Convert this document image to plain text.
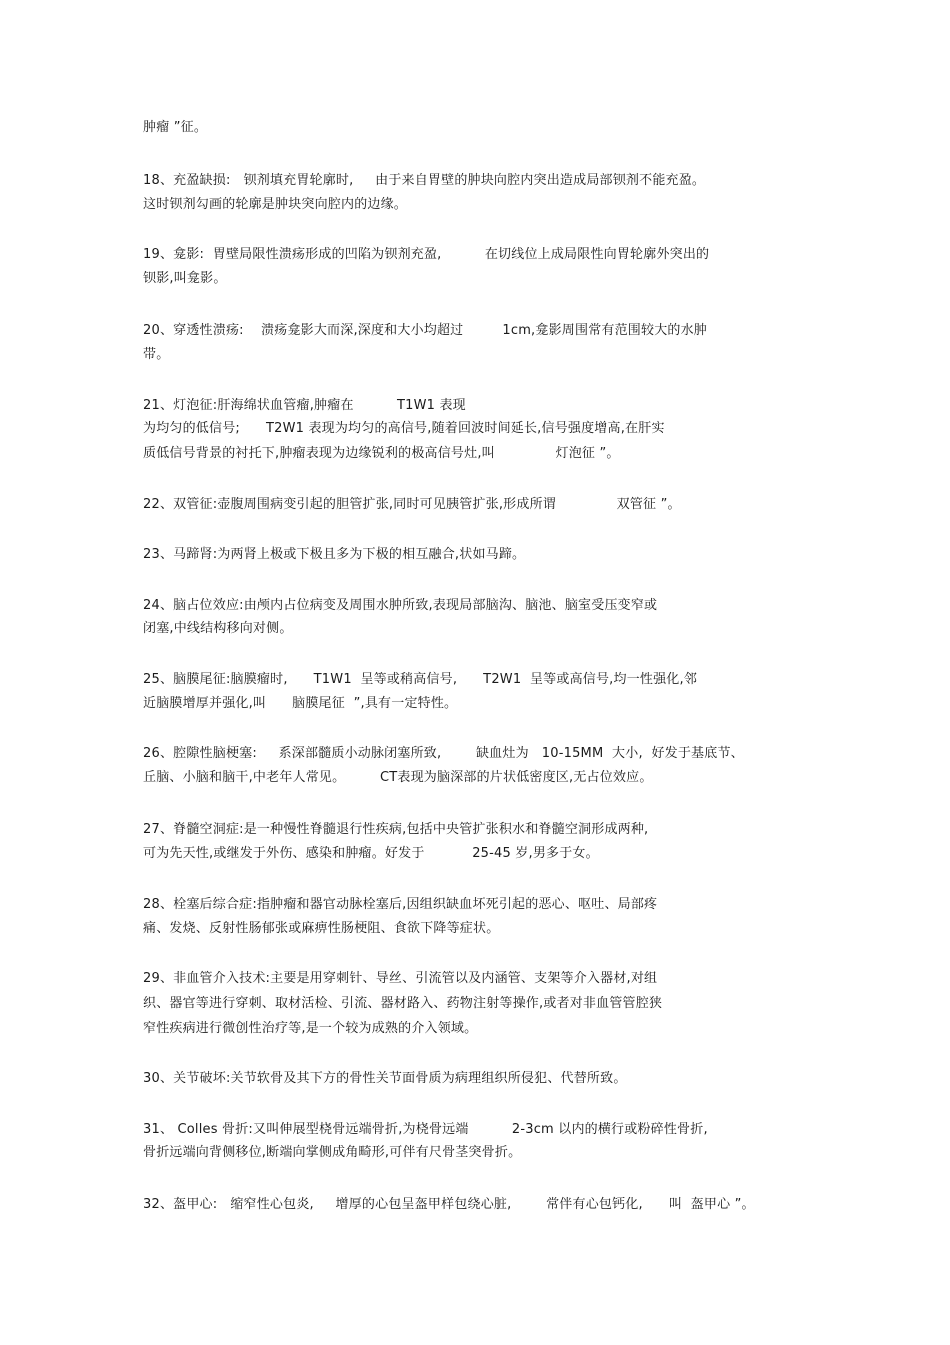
肿瘤 ”征。
18、充盈缺损:   钡剂填充胃轮廓时,     由于来自胃壁的肿块向腔内突出造成局部钡剂不能充盈。
这时钡剂勾画的轮廓是肿块突向腔内的边缘。
19、龛影:  胃壁局限性溃疡形成的凹陷为钡剂充盈,          在切线位上成局限性向胃轮廓外突出的
钡影,叫龛影。
20、穿透性溃疡:    溃疡龛影大而深,深度和大小均超过         1cm,龛影周围常有范围较大的水肿
带。
21、灯泡征:肝海绵状血管瘤,肿瘤在          T1W1 表现
为均匀的低信号;      T2W1 表现为均匀的高信号,随着回波时间延长,信号强度增高,在肝实
质低信号背景的衬托下,肿瘤表现为边缘锐利的极高信号灶,叫              灯泡征 ”。
22、双管征:壶腹周围病变引起的胆管扩张,同时可见胰管扩张,形成所谓              双管征 ”。
23、马蹄肾:为两肾上极或下极且多为下极的相互融合,状如马蹄。
24、脑占位效应:由颅内占位病变及周围水肿所致,表现局部脑沟、脑池、脑室受压变窄或
闭塞,中线结构移向对侧。
25、脑膜尾征:脑膜瘤时,      T1W1  呈等或稍高信号,      T2W1  呈等或高信号,均一性强化,邻
近脑膜增厚并强化,叫      脑膜尾征  ”,具有一定特性。
26、腔隙性脑梗塞:     系深部髓质小动脉闭塞所致,        缺血灶为   10-15MM  大小,  好发于基底节、
丘脑、小脑和脑干,中老年人常见。        CT表现为脑深部的片状低密度区,无占位效应。
27、脊髓空洞症:是一种慢性脊髓退行性疾病,包括中央管扩张积水和脊髓空洞形成两种,
可为先天性,或继发于外伤、感染和肿瘤。好发于           25-45 岁,男多于女。
28、栓塞后综合症:指肿瘤和器官动脉栓塞后,因组织缺血坏死引起的恶心、呕吐、局部疼
痛、发烧、反射性肠郁张或麻痹性肠梗阻、食欲下降等症状。
29、非血管介入技术:主要是用穿刺针、导丝、引流管以及内涵管、支架等介入器材,对组
织、器官等进行穿刺、取材活检、引流、器材路入、药物注射等操作,或者对非血管管腔狭
窄性疾病进行微创性治疗等,是一个较为成熟的介入领域。
30、关节破坏:关节软骨及其下方的骨性关节面骨质为病理组织所侵犯、代替所致。
31、 Colles 骨折:又叫伸展型桡骨远端骨折,为桡骨远端          2-3cm 以内的横行或粉碎性骨折,
骨折远端向背侧移位,断端向掌侧成角畸形,可伴有尺骨茎突骨折。
32、盔甲心:   缩窄性心包炎,     增厚的心包呈盔甲样包绕心脏,        常伴有心包钙化,      叫  盔甲心 ”。
